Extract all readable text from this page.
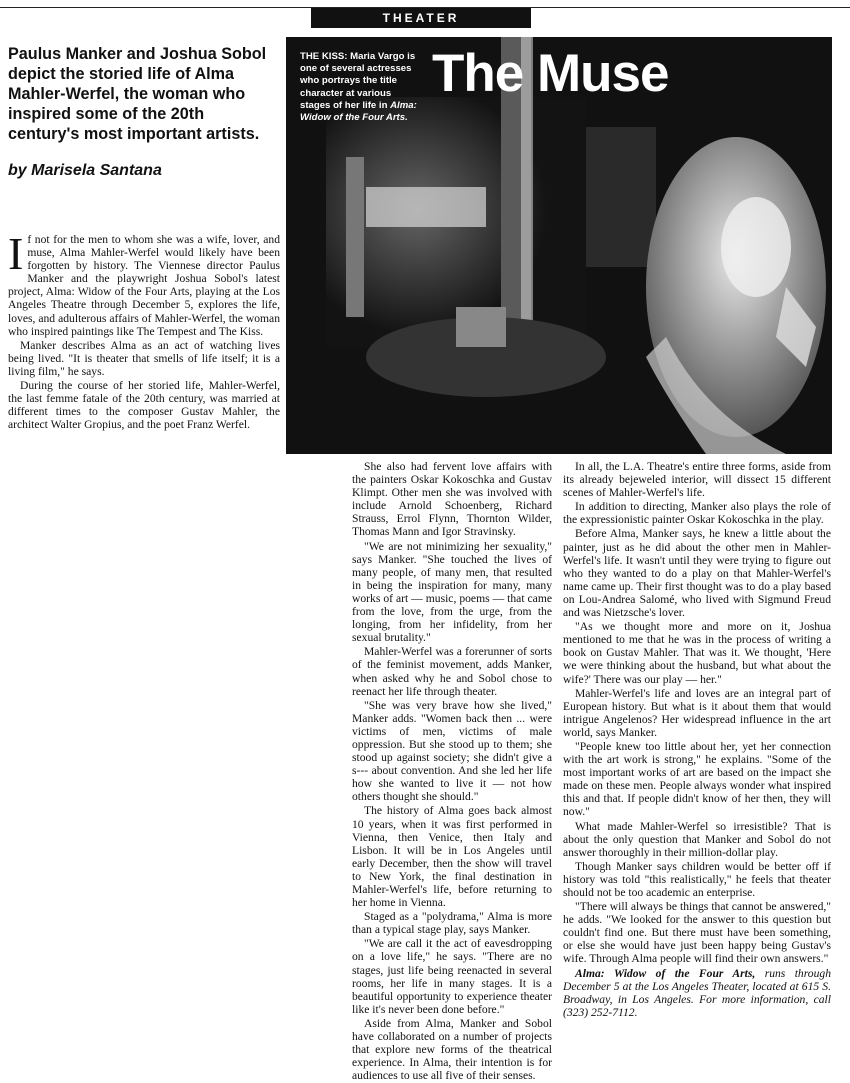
THEATER
Paulus Manker and Joshua Sobol depict the storied life of Alma Mahler-Werfel, the woman who inspired some of the 20th century's most important artists.
by Marisela Santana
THE KISS: Maria Vargo is one of several actresses who portrays the title character at various stages of her life in Alma: Widow of the Four Arts.
The Muse

If not for the men to whom she was a wife, lover, and muse, Alma Mahler-Werfel would likely have been forgotten by history. The Viennese director Paulus Manker and the playwright Joshua Sobol's latest project, Alma: Widow of the Four Arts, playing at the Los Angeles Theatre through December 5, explores the life, loves, and adulterous affairs of Mahler-Werfel, the woman who inspired paintings like The Tempest and The Kiss.

Manker describes Alma as an act of watching lives being lived. "It is theater that smells of life itself; it is a living film," he says.

During the course of her storied life, Mahler-Werfel, the last femme fatale of the 20th century, was married at different times to the composer Gustav Mahler, the architect Walter Gropius, and the poet Franz Werfel.

She also had fervent love affairs with the painters Oskar Kokoschka and Gustav Klimpt. Other men she was involved with include Arnold Schoenberg, Richard Strauss, Errol Flynn, Thornton Wilder, Thomas Mann and Igor Stravinsky.

"We are not minimizing her sexuality," says Manker. "She touched the lives of many people, of many men, that resulted in being the inspiration for many, many works of art — music, poems — that came from the love, from the urge, from the longing, from her infidelity, from her sexual brutality."

Mahler-Werfel was a forerunner of sorts of the feminist movement, adds Manker, when asked why he and Sobol chose to reenact her life through theater.

"She was very brave how she lived," Manker adds. "Women back then ... were victims of men, victims of male oppression. But she stood up to them; she stood up against society; she didn't give a s--- about convention. And she led her life how she wanted to live it — not how others thought she should."

The history of Alma goes back almost 10 years, when it was first performed in Vienna, then Venice, then Italy and Lisbon. It will be in Los Angeles until early December, then the show will travel to New York, the final destination in Mahler-Werfel's life, before returning to her home in Vienna.

Staged as a "polydrama," Alma is more than a typical stage play, says Manker.

"We are call it the act of eavesdropping on a love life," he says. "There are no stages, just life being reenacted in several rooms, her life in many stages. It is a beautiful opportunity to experience theater like it's never been done before."

Aside from Alma, Manker and Sobol have collaborated on a number of projects that explore new forms of the theatrical experience. In Alma, their intention is for audiences to use all five of their senses.

In all, the L.A. Theatre's entire three forms, aside from its already bejeweled interior, will dissect 15 different scenes of Mahler-Werfel's life.

In addition to directing, Manker also plays the role of the expressionistic painter Oskar Kokoschka in the play.

Before Alma, Manker says, he knew a little about the painter, just as he did about the other men in Mahler-Werfel's life. It wasn't until they were trying to figure out who they wanted to do a play on that Mahler-Werfel's name came up. Their first thought was to do a play based on Lou-Andrea Salomé, who lived with Sigmund Freud and was Nietzsche's lover.

"As we thought more and more on it, Joshua mentioned to me that he was in the process of writing a book on Gustav Mahler. That was it. We thought, 'Here we were thinking about the husband, but what about the wife?' There was our play — her."

Mahler-Werfel's life and loves are an integral part of European history. But what is it about them that would intrigue Angelenos? Her widespread influence in the art world, says Manker.

"People knew too little about her, yet her connection with the art work is strong," he explains. "Some of the most important works of art are based on the impact she made on these men. People always wonder what inspired this and that. If people didn't know of her then, they will now."

What made Mahler-Werfel so irresistible? That is about the only question that Manker and Sobol do not answer thoroughly in their million-dollar play.

Though Manker says children would be better off if history was told "this realistically," he feels that theater should not be too academic an enterprise.

"There will always be things that cannot be answered," he adds. "We looked for the answer to this question but couldn't find one. But there must have been something, or else she would have just been happy being Gustav's wife. Through Alma people will find their own answers."

Alma: Widow of the Four Arts, runs through December 5 at the Los Angeles Theater, located at 615 S. Broadway, in Los Angeles. For more information, call (323) 252-7112.
